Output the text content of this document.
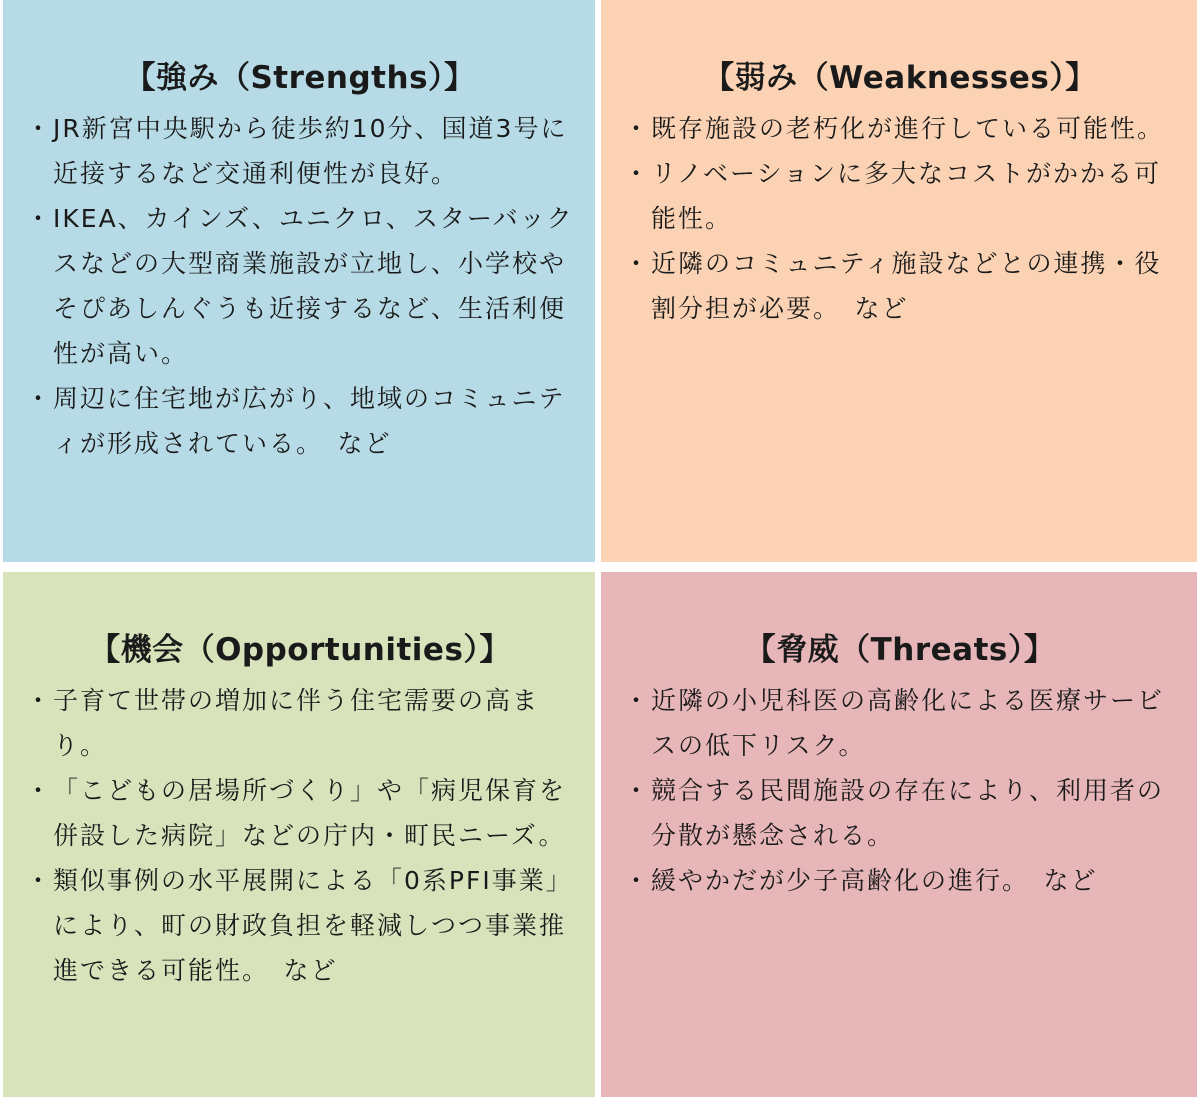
【強み（Strengths）】
・ JR新宮中央駅から徒歩約10分、国道3号に近接するなど交通利便性が良好。
・ IKEA、カインズ、ユニクロ、スターバックスなどの大型商業施設が立地し、小学校やそぴあしんぐうも近接するなど、生活利便性が高い。
・ 周辺に住宅地が広がり、地域のコミュニティが形成されている。　など
【弱み（Weaknesses）】
・ 既存施設の老朽化が進行している可能性。
・ リノベーションに多大なコストがかかる可能性。
・ 近隣のコミュニティ施設などとの連携・役割分担が必要。　など
【機会（Opportunities）】
・ 子育て世帯の増加に伴う住宅需要の高まり。
・ 「こどもの居場所づくり」や「病児保育を併設した病院」などの庁内・町民ニーズ。
・ 類似事例の水平展開による「0系PFI事業」により、町の財政負担を軽減しつつ事業推進できる可能性。　など
【脅威（Threats）】
・ 近隣の小児科医の高齢化による医療サービスの低下リスク。
・ 競合する民間施設の存在により、利用者の分散が懸念される。
・ 緩やかだが少子高齢化の進行。　など
